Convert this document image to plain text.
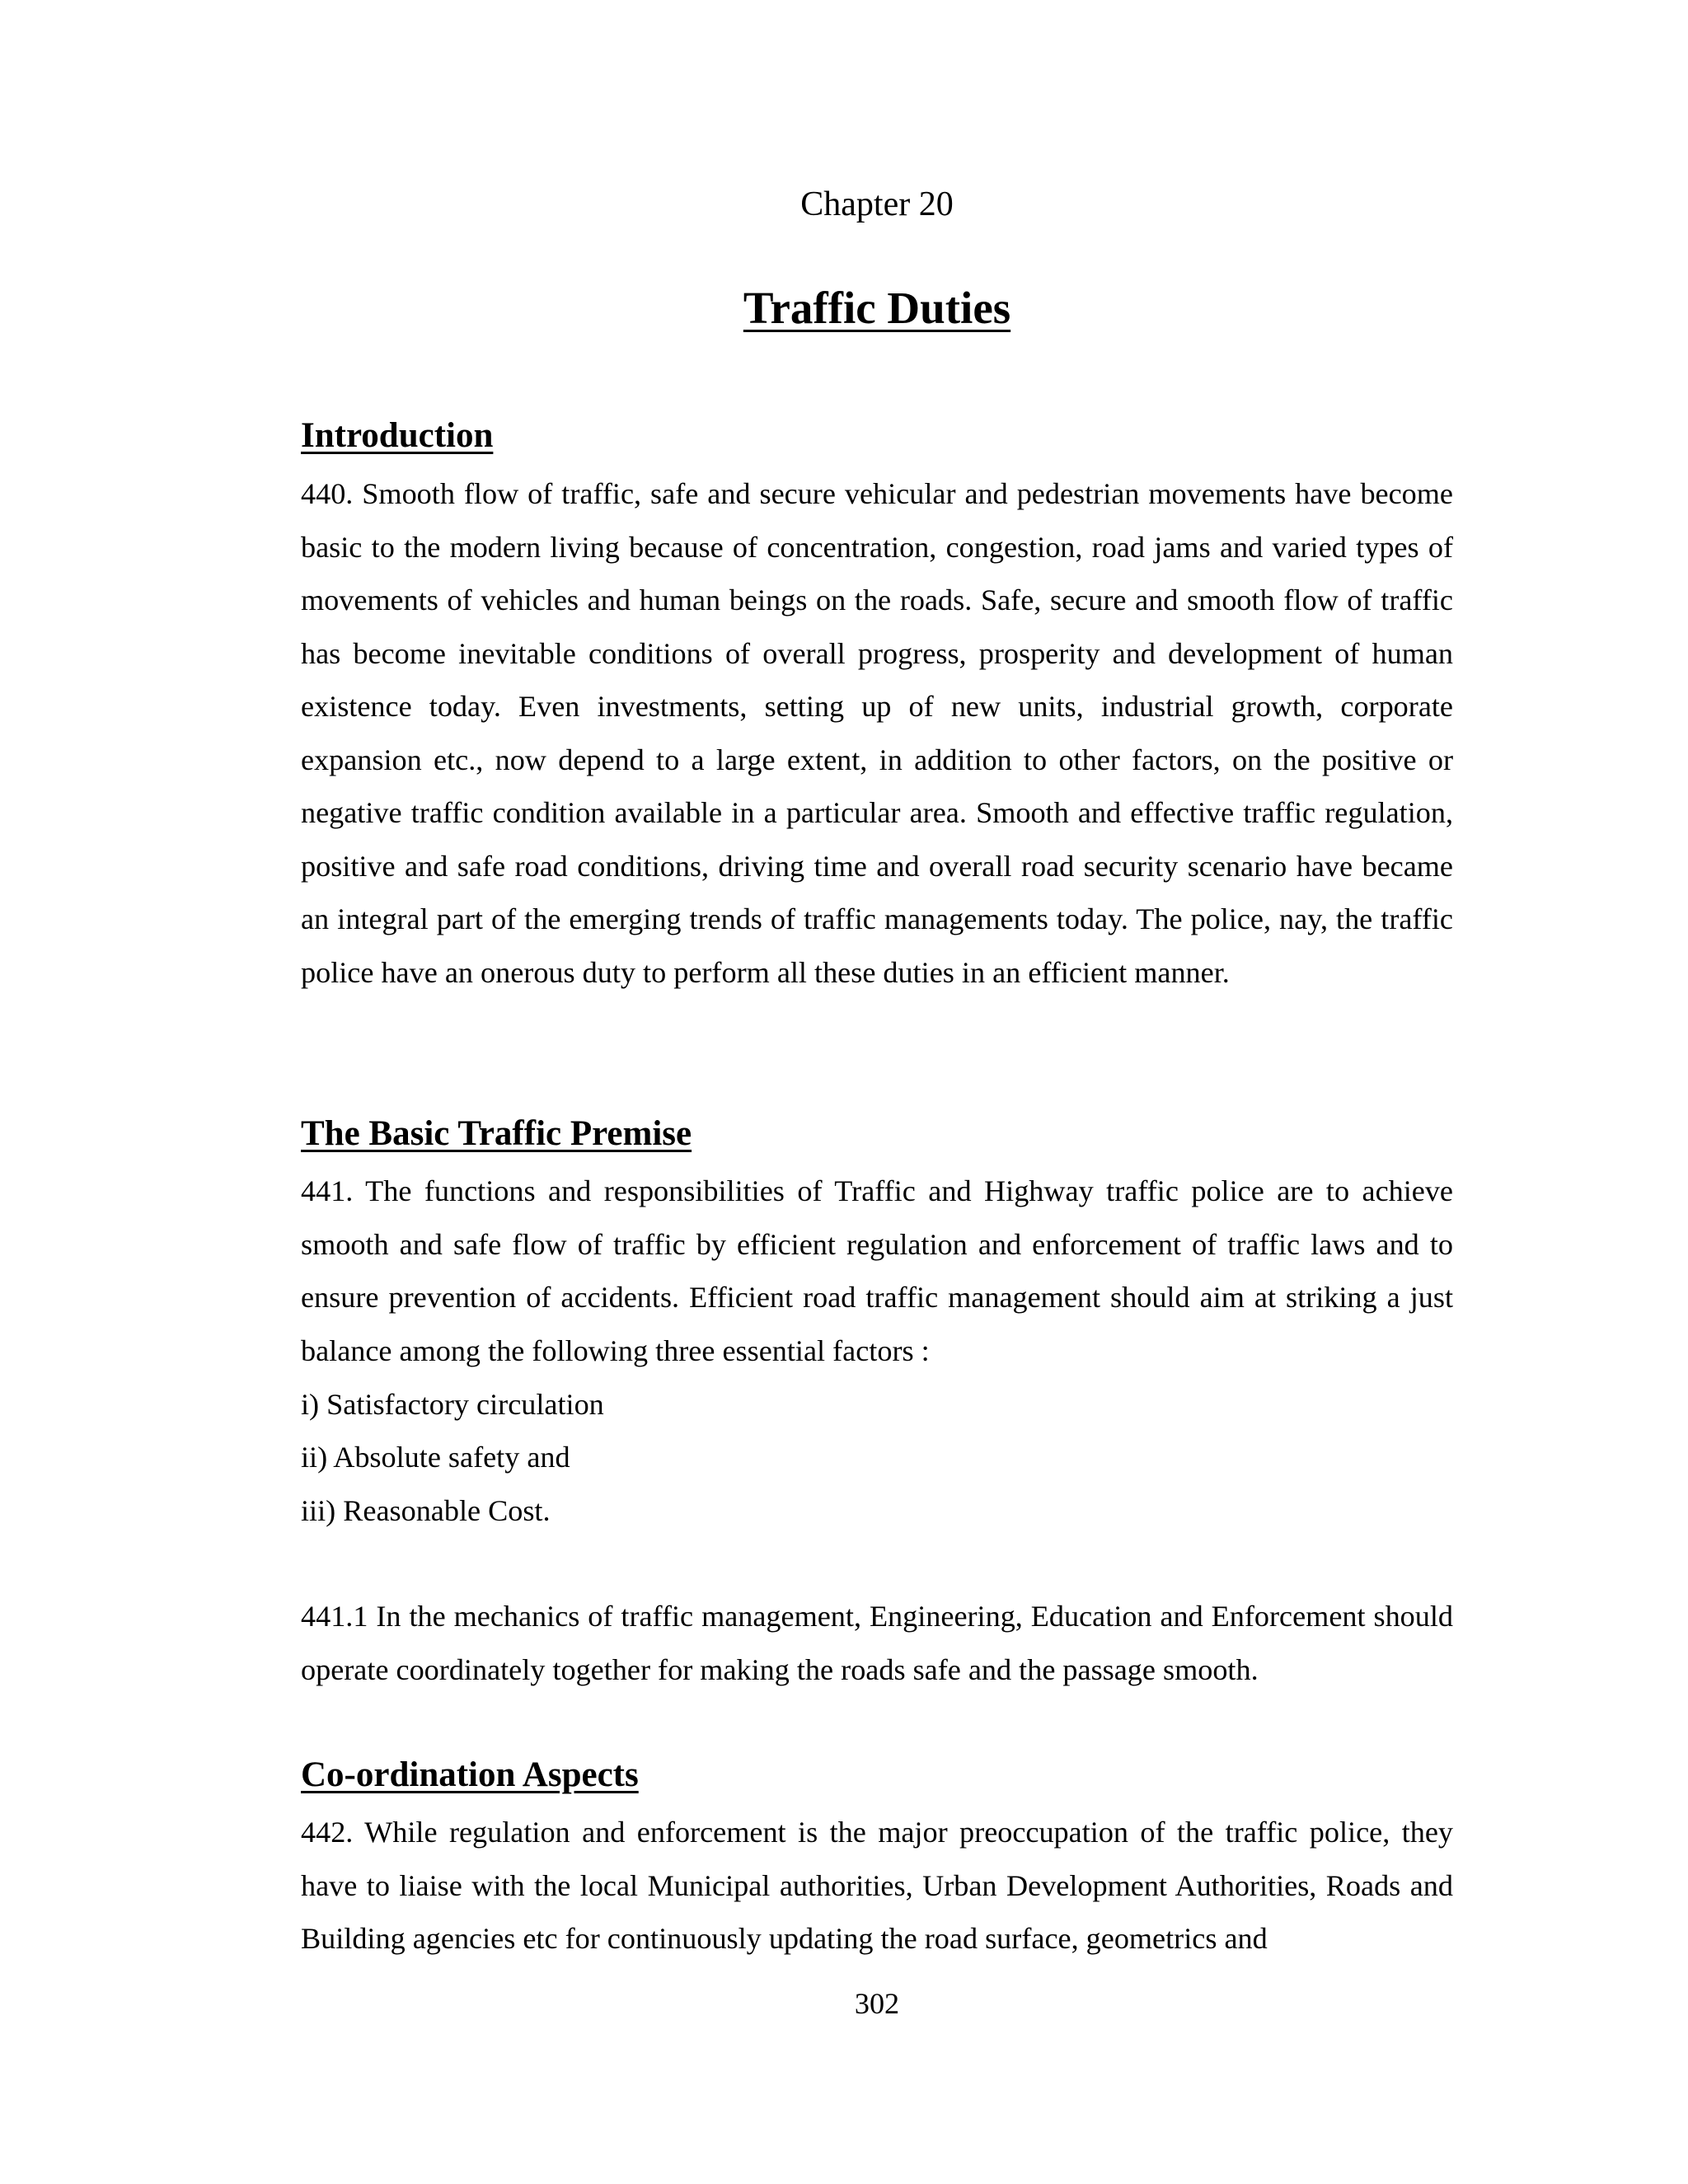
Chapter 20
Traffic Duties
Introduction

440. Smooth flow of traffic, safe and secure vehicular and pedestrian movements have become basic to the modern living because of concentration, congestion, road jams and varied types of movements of vehicles and human beings on the roads. Safe, secure and smooth flow of traffic has become inevitable conditions of overall progress, prosperity and development of human existence today. Even investments, setting up of new units, industrial growth, corporate expansion etc., now depend to a large extent, in addition to other factors, on the positive or negative traffic condition available in a particular area. Smooth and effective traffic regulation, positive and safe road conditions, driving time and overall road security scenario have became an integral part of the emerging trends of traffic managements today. The police, nay, the traffic police have an onerous duty to perform all these duties in an efficient manner.

The Basic Traffic Premise

441. The functions and responsibilities of Traffic and Highway traffic police are to achieve smooth and safe flow of traffic by efficient regulation and enforcement of traffic laws and to ensure prevention of accidents. Efficient road traffic management should aim at striking a just balance among the following three essential factors :

i) Satisfactory circulation

ii) Absolute safety and

iii) Reasonable Cost.

441.1 In the mechanics of traffic management, Engineering, Education and Enforcement should operate coordinately together for making the roads safe and the passage smooth.

Co-ordination Aspects

442. While regulation and enforcement is the major preoccupation of the traffic police, they have to liaise with the local Municipal authorities, Urban Development Authorities, Roads and Building agencies etc for continuously updating the road surface, geometrics and

302
